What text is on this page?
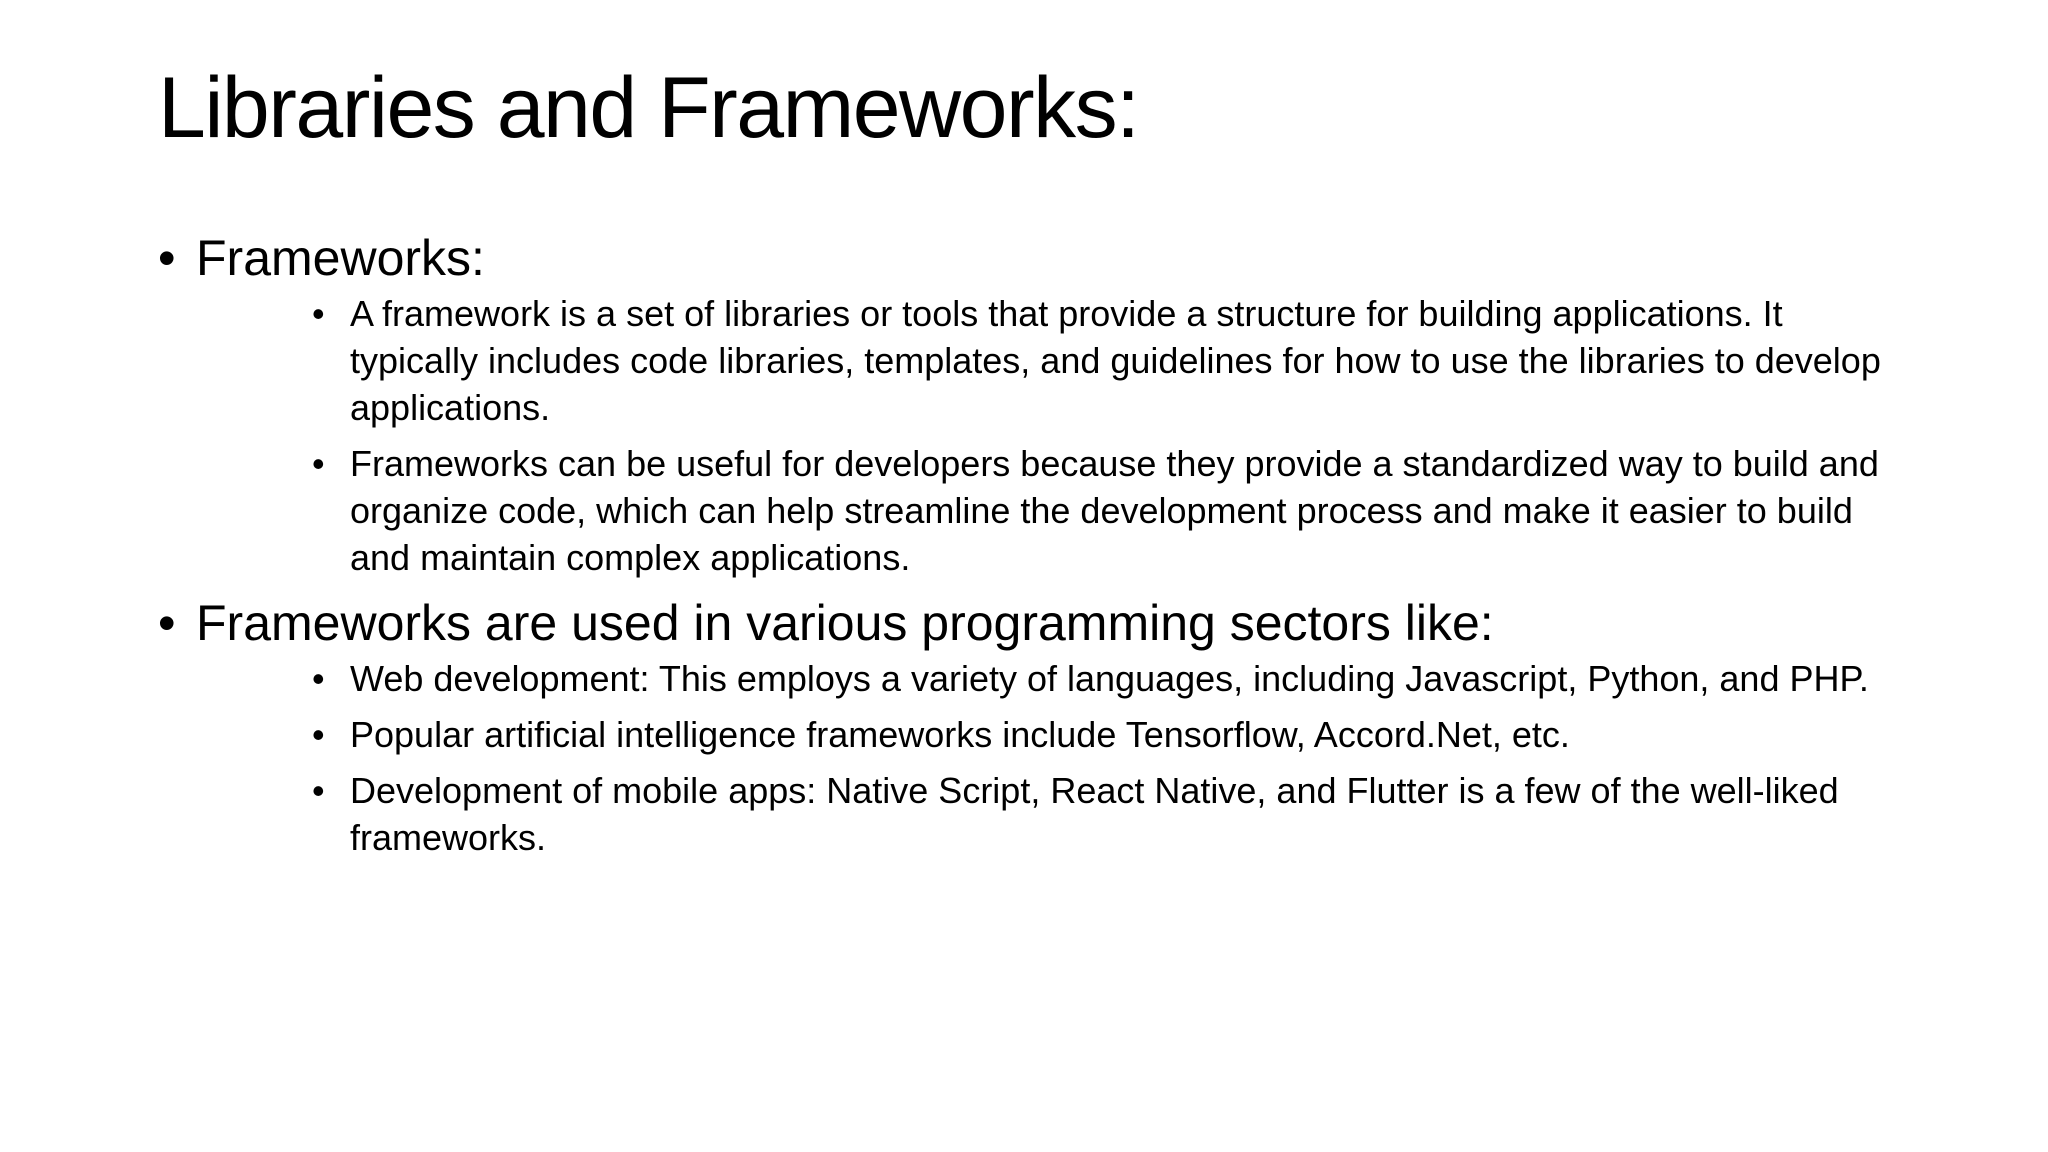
Libraries and Frameworks:
• Frameworks:
• A framework is a set of libraries or tools that provide a structure for building applications. It typically includes code libraries, templates, and guidelines for how to use the libraries to develop applications.
• Frameworks can be useful for developers because they provide a standardized way to build and organize code, which can help streamline the development process and make it easier to build and maintain complex applications.
• Frameworks are used in various programming sectors like:
• Web development: This employs a variety of languages, including Javascript, Python, and PHP.
• Popular artificial intelligence frameworks include Tensorflow, Accord.Net, etc.
• Development of mobile apps: Native Script, React Native, and Flutter is a few of the well-liked frameworks.
